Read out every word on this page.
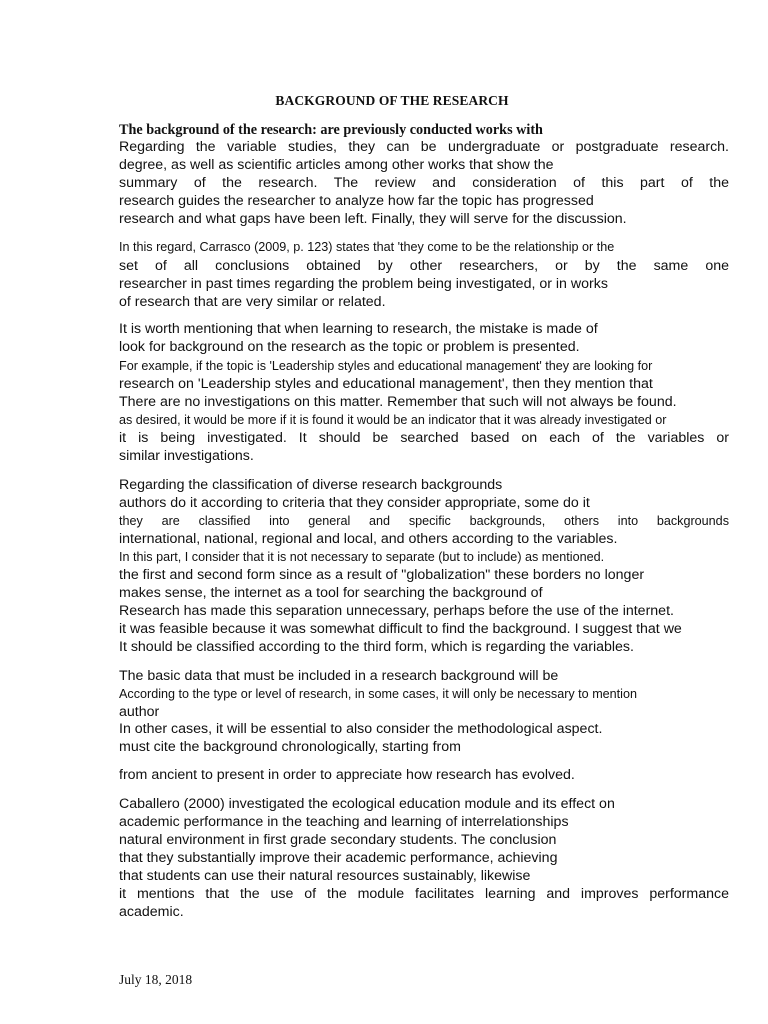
BACKGROUND OF THE RESEARCH
The background of the research: are previously conducted works with
Regarding the variable studies, they can be undergraduate or postgraduate research.
degree, as well as scientific articles among other works that show the
summary of the research. The review and consideration of this part of the
research guides the researcher to analyze how far the topic has progressed
research and what gaps have been left. Finally, they will serve for the discussion.
In this regard, Carrasco (2009, p. 123) states that 'they come to be the relationship or the
set of all conclusions obtained by other researchers, or by the same one
researcher in past times regarding the problem being investigated, or in works
of research that are very similar or related.
It is worth mentioning that when learning to research, the mistake is made of
look for background on the research as the topic or problem is presented.
For example, if the topic is 'Leadership styles and educational management' they are looking for
research on 'Leadership styles and educational management', then they mention that
There are no investigations on this matter. Remember that such will not always be found.
as desired, it would be more if it is found it would be an indicator that it was already investigated or
it is being investigated. It should be searched based on each of the variables or
similar investigations.
Regarding the classification of diverse research backgrounds
authors do it according to criteria that they consider appropriate, some do it
they are classified into general and specific backgrounds, others into backgrounds
international, national, regional and local, and others according to the variables.
In this part, I consider that it is not necessary to separate (but to include) as mentioned.
the first and second form since as a result of "globalization" these borders no longer
makes sense, the internet as a tool for searching the background of
Research has made this separation unnecessary, perhaps before the use of the internet.
it was feasible because it was somewhat difficult to find the background. I suggest that we
It should be classified according to the third form, which is regarding the variables.
The basic data that must be included in a research background will be
According to the type or level of research, in some cases, it will only be necessary to mention
author
In other cases, it will be essential to also consider the methodological aspect.
must cite the background chronologically, starting from
from ancient to present in order to appreciate how research has evolved.
Caballero (2000) investigated the ecological education module and its effect on
academic performance in the teaching and learning of interrelationships
natural environment in first grade secondary students. The conclusion
that they substantially improve their academic performance, achieving
that students can use their natural resources sustainably, likewise
it mentions that the use of the module facilitates learning and improves performance
academic.
July 18, 2018
